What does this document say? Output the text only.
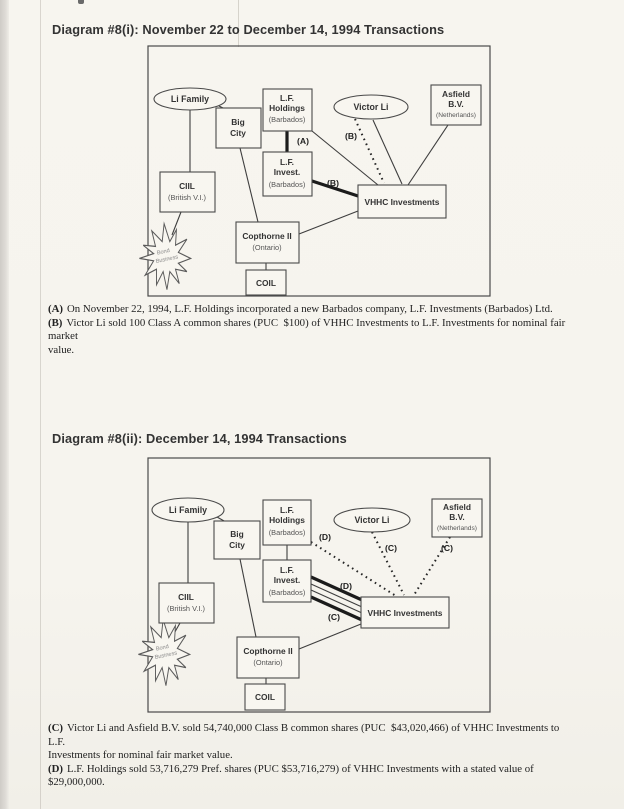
Diagram #8(i): November 22 to December 14, 1994 Transactions
Diagram #8(ii): December 14, 1994 Transactions
(A)
(B)
(B)
Bond
Business
Li Family
Big
City
L.F.
Holdings
(Barbados)
L.F.
Invest.
(Barbados)
Victor Li
Asfield
B.V.
(Netherlands)
CIIL
(British V.I.)	VHHC Investments
Copthorne II
(Ontario)
COIL
(D)
(C)	(C)
(D)
(C)
Bond
Business
Li Family
Big
City
L.F.
Holdings
(Barbados)
L.F.
Invest.
(Barbados)
Victor Li
Asfield
B.V.
(Netherlands)
CIIL
(British V.I.)	VHHC Investments
Copthorne II
(Ontario)
COIL
(A) On November 22, 1994, L.F. Holdings incorporated a new Barbados company, L.F. Investments (Barbados) Ltd.
(B) Victor Li sold 100 Class A common shares (PUC  $100) of VHHC Investments to L.F. Investments for nominal fair market
value.
(C) Victor Li and Asfield B.V. sold 54,740,000 Class B common shares (PUC  $43,020,466) of VHHC Investments to L.F.
Investments for nominal fair market value.
(D) L.F. Holdings sold 53,716,279 Pref. shares (PUC $53,716,279) of VHHC Investments with a stated value of $29,000,000.
